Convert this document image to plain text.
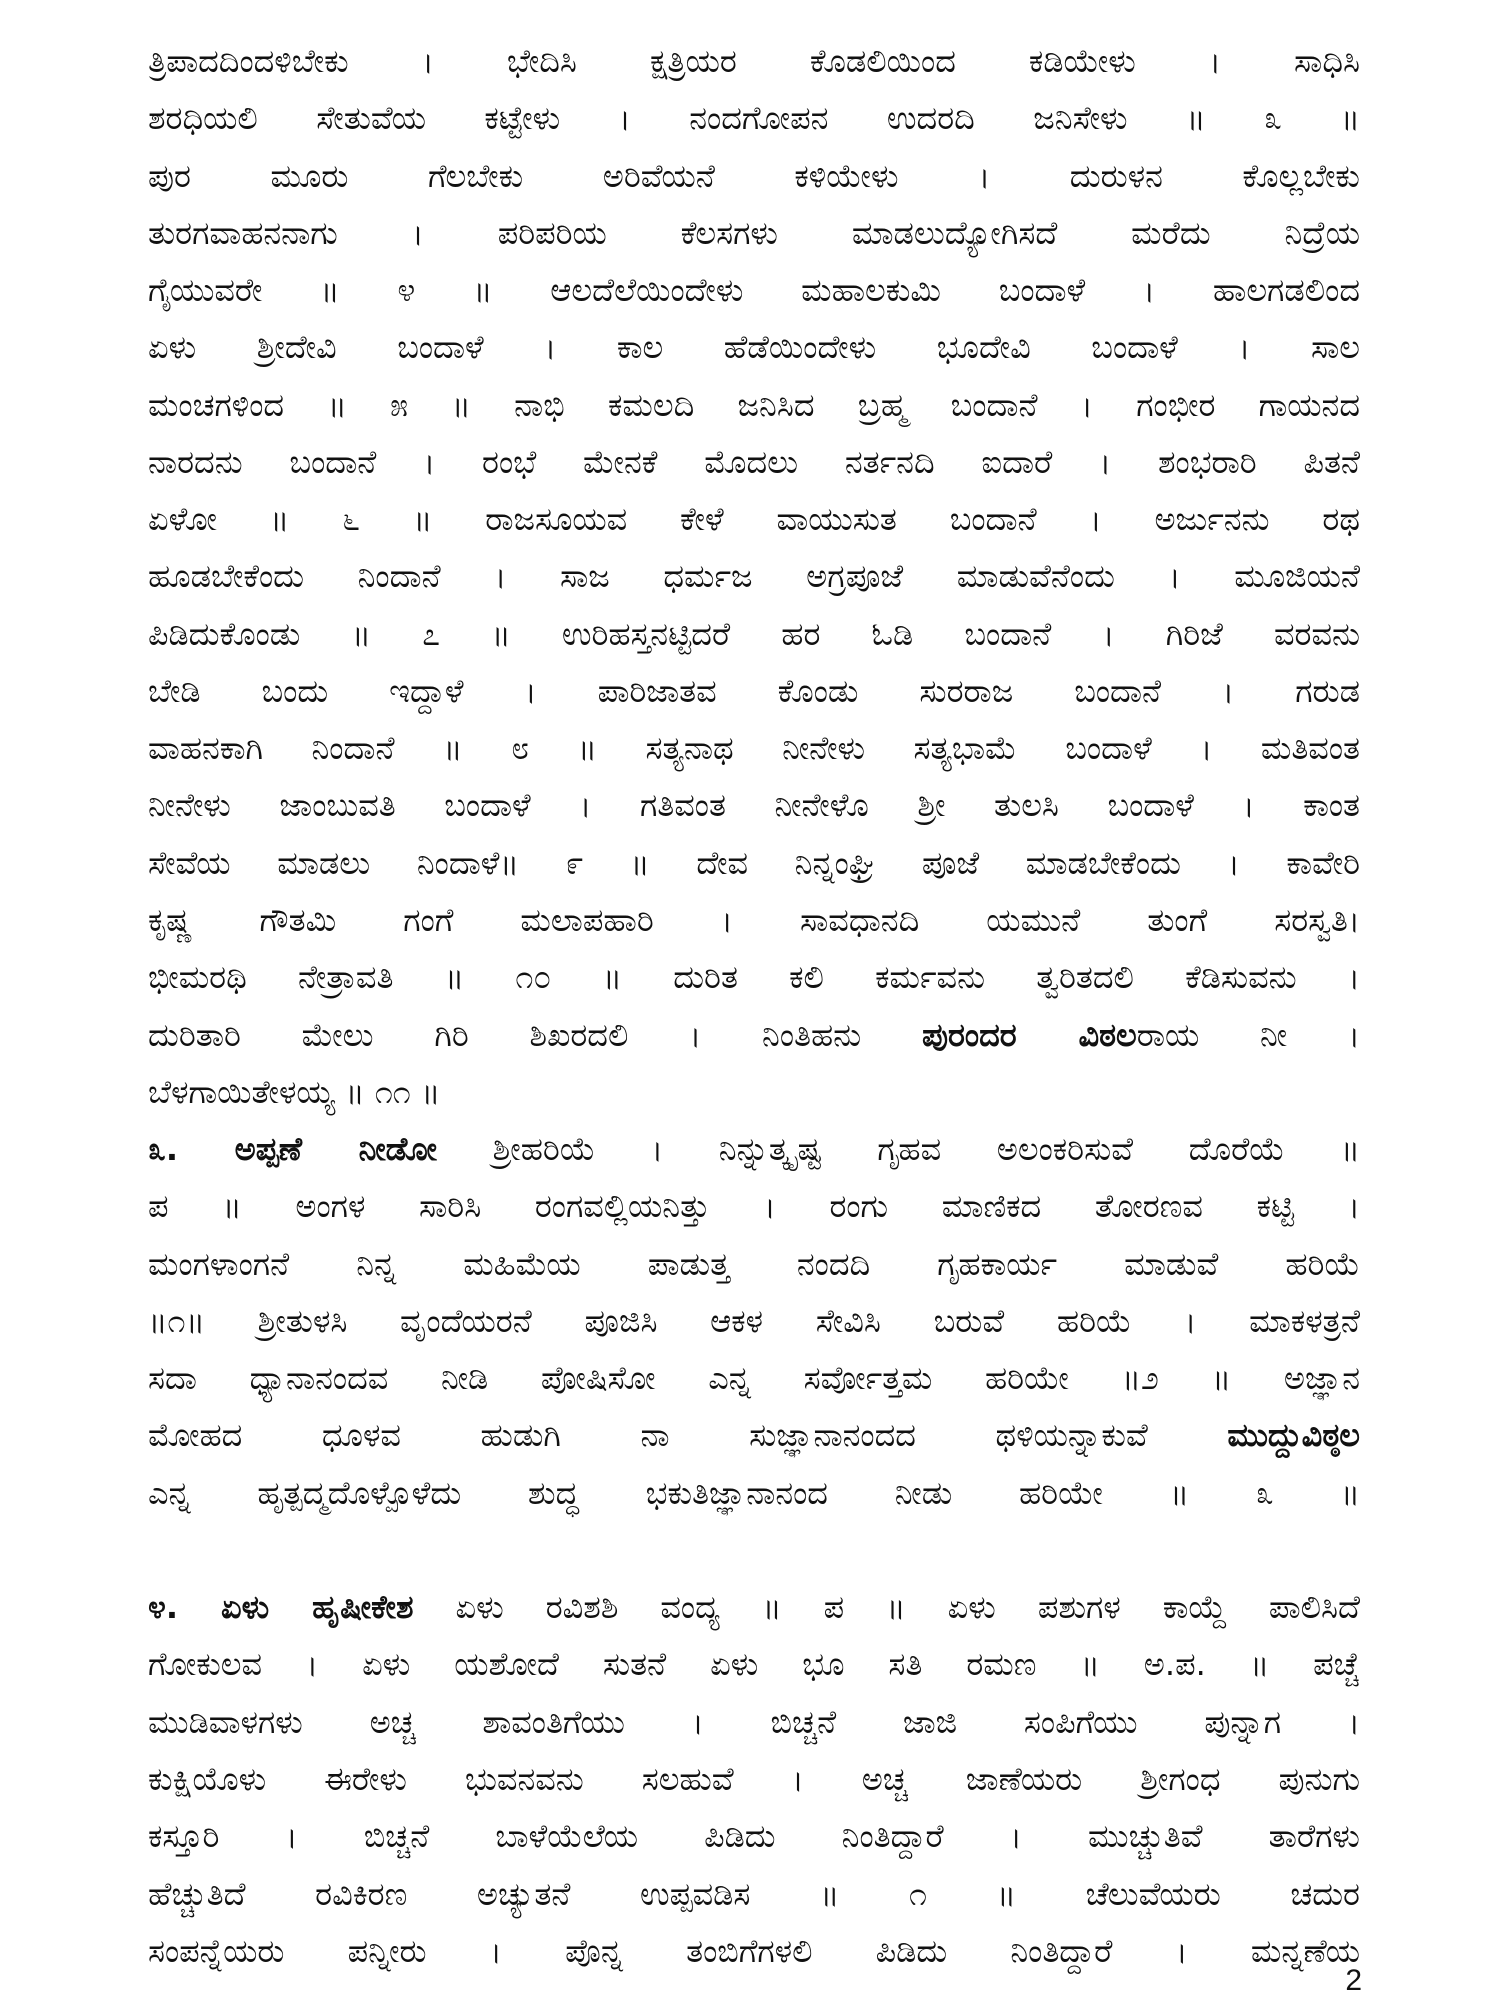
ತ್ರಿಪಾದದಿಂದಳಿಬೇಕು । ಭೇದಿಸಿ ಕ್ಷತ್ರಿಯರ ಕೊಡಲಿಯಿಂದ ಕಡಿಯೇಳು । ಸಾಧಿಸಿ
ಶರಧಿಯಲಿ ಸೇತುವೆಯ ಕಟ್ಟೇಳು । ನಂದಗೋಪನ ಉದರದಿ ಜನಿಸೇಳು ॥ ೩ ॥
ಪುರ ಮೂರು ಗೆಲಬೇಕು ಅರಿವೆಯನೆ ಕಳಿಯೇಳು । ದುರುಳನ ಕೊಲ್ಲಬೇಕು
ತುರಗವಾಹನನಾಗು । ಪರಿಪರಿಯ ಕೆಲಸಗಳು ಮಾಡಲುದ್ಯೋಗಿಸದೆ ಮರೆದು ನಿದ್ರೆಯ
ಗೈಯುವರೇ ॥ ೪ ॥ ಆಲದೆಲೆಯಿಂದೇಳು ಮಹಾಲಕುಮಿ ಬಂದಾಳೆ । ಹಾಲಗಡಲಿಂದ
ಏಳು ಶ್ರೀದೇವಿ ಬಂದಾಳೆ । ಕಾಲ ಹೆಡೆಯಿಂದೇಳು ಭೂದೇವಿ ಬಂದಾಳೆ । ಸಾಲ
ಮಂಚಗಳಿಂದ ॥ ೫ ॥ ನಾಭಿ ಕಮಲದಿ ಜನಿಸಿದ ಬ್ರಹ್ಮ ಬಂದಾನೆ । ಗಂಭೀರ ಗಾಯನದ
ನಾರದನು ಬಂದಾನೆ । ರಂಭೆ ಮೇನಕೆ ಮೊದಲು ನರ್ತನದಿ ಐದಾರೆ । ಶಂಭರಾರಿ ಪಿತನೆ
ಏಳೋ ॥ ೬ ॥ ರಾಜಸೂಯವ ಕೇಳೆ ವಾಯುಸುತ ಬಂದಾನೆ । ಅರ್ಜುನನು ರಥ
ಹೂಡಬೇಕೆಂದು ನಿಂದಾನೆ । ಸಾಜ ಧರ್ಮಜ ಅಗ್ರಪೂಜೆ ಮಾಡುವೆನೆಂದು । ಮೂಜಿಯನೆ
ಪಿಡಿದುಕೊಂಡು ॥ ೭ ॥ ಉರಿಹಸ್ತನಟ್ಟಿದರೆ ಹರ ಓಡಿ ಬಂದಾನೆ । ಗಿರಿಜೆ ವರವನು
ಬೇಡಿ ಬಂದು ಇದ್ದಾಳೆ । ಪಾರಿಜಾತವ ಕೊಂಡು ಸುರರಾಜ ಬಂದಾನೆ । ಗರುಡ
ವಾಹನಕಾಗಿ ನಿಂದಾನೆ ॥ ೮ ॥ ಸತ್ಯನಾಥ ನೀನೇಳು ಸತ್ಯಭಾಮೆ ಬಂದಾಳೆ । ಮತಿವಂತ
ನೀನೇಳು ಜಾಂಬುವತಿ ಬಂದಾಳೆ । ಗತಿವಂತ ನೀನೇಳೊ ಶ್ರೀ ತುಲಸಿ ಬಂದಾಳೆ । ಕಾಂತ
ಸೇವೆಯ ಮಾಡಲು ನಿಂದಾಳೆ॥ ೯ ॥ ದೇವ ನಿನ್ನಂಘ್ರಿ ಪೂಜೆ ಮಾಡಬೇಕೆಂದು । ಕಾವೇರಿ
ಕೃಷ್ಣ ಗೌತಮಿ ಗಂಗೆ ಮಲಾಪಹಾರಿ । ಸಾವಧಾನದಿ ಯಮುನೆ ತುಂಗೆ ಸರಸ್ವತಿ।
ಭೀಮರಥಿ ನೇತ್ರಾವತಿ ॥ ೧೦ ॥ ದುರಿತ ಕಲಿ ಕರ್ಮವನು ತ್ವರಿತದಲಿ ಕೆಡಿಸುವನು ।
ದುರಿತಾರಿ ಮೇಲು ಗಿರಿ ಶಿಖರದಲಿ । ನಿಂತಿಹನು ಪುರಂದರ ವಿಠಲರಾಯ ನೀ ।
ಬೆಳಗಾಯಿತೇಳಯ್ಯ ॥ ೧೧ ॥
೩. ಅಪ್ಪಣೆ ನೀಡೋ ಶ್ರೀಹರಿಯೆ । ನಿನ್ನುತ್ಕೃಷ್ಟ ಗೃಹವ ಅಲಂಕರಿಸುವೆ ದೊರೆಯೆ ॥
ಪ ॥ ಅಂಗಳ ಸಾರಿಸಿ ರಂಗವಲ್ಲಿಯನಿತ್ತು । ರಂಗು ಮಾಣಿಕದ ತೋರಣವ ಕಟ್ಟಿ ।
ಮಂಗಳಾಂಗನೆ ನಿನ್ನ ಮಹಿಮೆಯ ಪಾಡುತ್ತ ನಂದದಿ ಗೃಹಕಾರ್ಯ ಮಾಡುವೆ ಹರಿಯೆ
॥೧॥ ಶ್ರೀತುಳಸಿ ವೃಂದೆಯರನೆ ಪೂಜಿಸಿ ಆಕಳ ಸೇವಿಸಿ ಬರುವೆ ಹರಿಯೆ । ಮಾಕಳತ್ರನೆ
ಸದಾ ಧ್ಯಾನಾನಂದವ ನೀಡಿ ಪೋಷಿಸೋ ಎನ್ನ ಸರ್ವೋತ್ತಮ ಹರಿಯೇ ॥೨ ॥ ಅಜ್ಞಾನ
ಮೋಹದ ಧೂಳವ ಹುಡುಗಿ ನಾ ಸುಜ್ಞಾನಾನಂದದ ಥಳಿಯನ್ನಾಕುವೆ ಮುದ್ದುವಿಠ್ಠಲ
ಎನ್ನ ಹೃತ್ಪದ್ಮದೊಳ್ಪೊಳೆದು ಶುದ್ಧ ಭಕುತಿಜ್ಞಾನಾನಂದ ನೀಡು ಹರಿಯೇ ॥ ೩ ॥
೪. ಏಳು ಹೃಷೀಕೇಶ ಏಳು ರವಿಶಶಿ ವಂದ್ಯ ॥ ಪ ॥ ಏಳು ಪಶುಗಳ ಕಾಯ್ದೆ ಪಾಲಿಸಿದೆ
ಗೋಕುಲವ । ಏಳು ಯಶೋದೆ ಸುತನೆ ಏಳು ಭೂ ಸತಿ ರಮಣ ॥ ಅ.ಪ. ॥ ಪಚ್ಚೆ
ಮುಡಿವಾಳಗಳು ಅಚ್ಚ ಶಾವಂತಿಗೆಯು । ಬಿಚ್ಚನೆ ಜಾಜಿ ಸಂಪಿಗೆಯು ಪುನ್ನಾಗ ।
ಕುಕ್ಷಿಯೊಳು ಈರೇಳು ಭುವನವನು ಸಲಹುವೆ । ಅಚ್ಚ ಜಾಣೆಯರು ಶ್ರೀಗಂಧ ಪುನುಗು
ಕಸ್ತೂರಿ । ಬಿಚ್ಚನೆ ಬಾಳೆಯೆಲೆಯ ಪಿಡಿದು ನಿಂತಿದ್ದಾರೆ । ಮುಚ್ಚುತಿವೆ ತಾರೆಗಳು
ಹೆಚ್ಚುತಿದೆ ರವಿಕಿರಣ ಅಚ್ಯುತನೆ ಉಪ್ಪವಡಿಸ ॥ ೧ ॥ ಚೆಲುವೆಯರು ಚದುರ
ಸಂಪನ್ನೆಯರು ಪನ್ನೀರು । ಪೊನ್ನ ತಂಬಿಗೆಗಳಲಿ ಪಿಡಿದು ನಿಂತಿದ್ದಾರೆ । ಮನ್ನಣೆಯ
2
